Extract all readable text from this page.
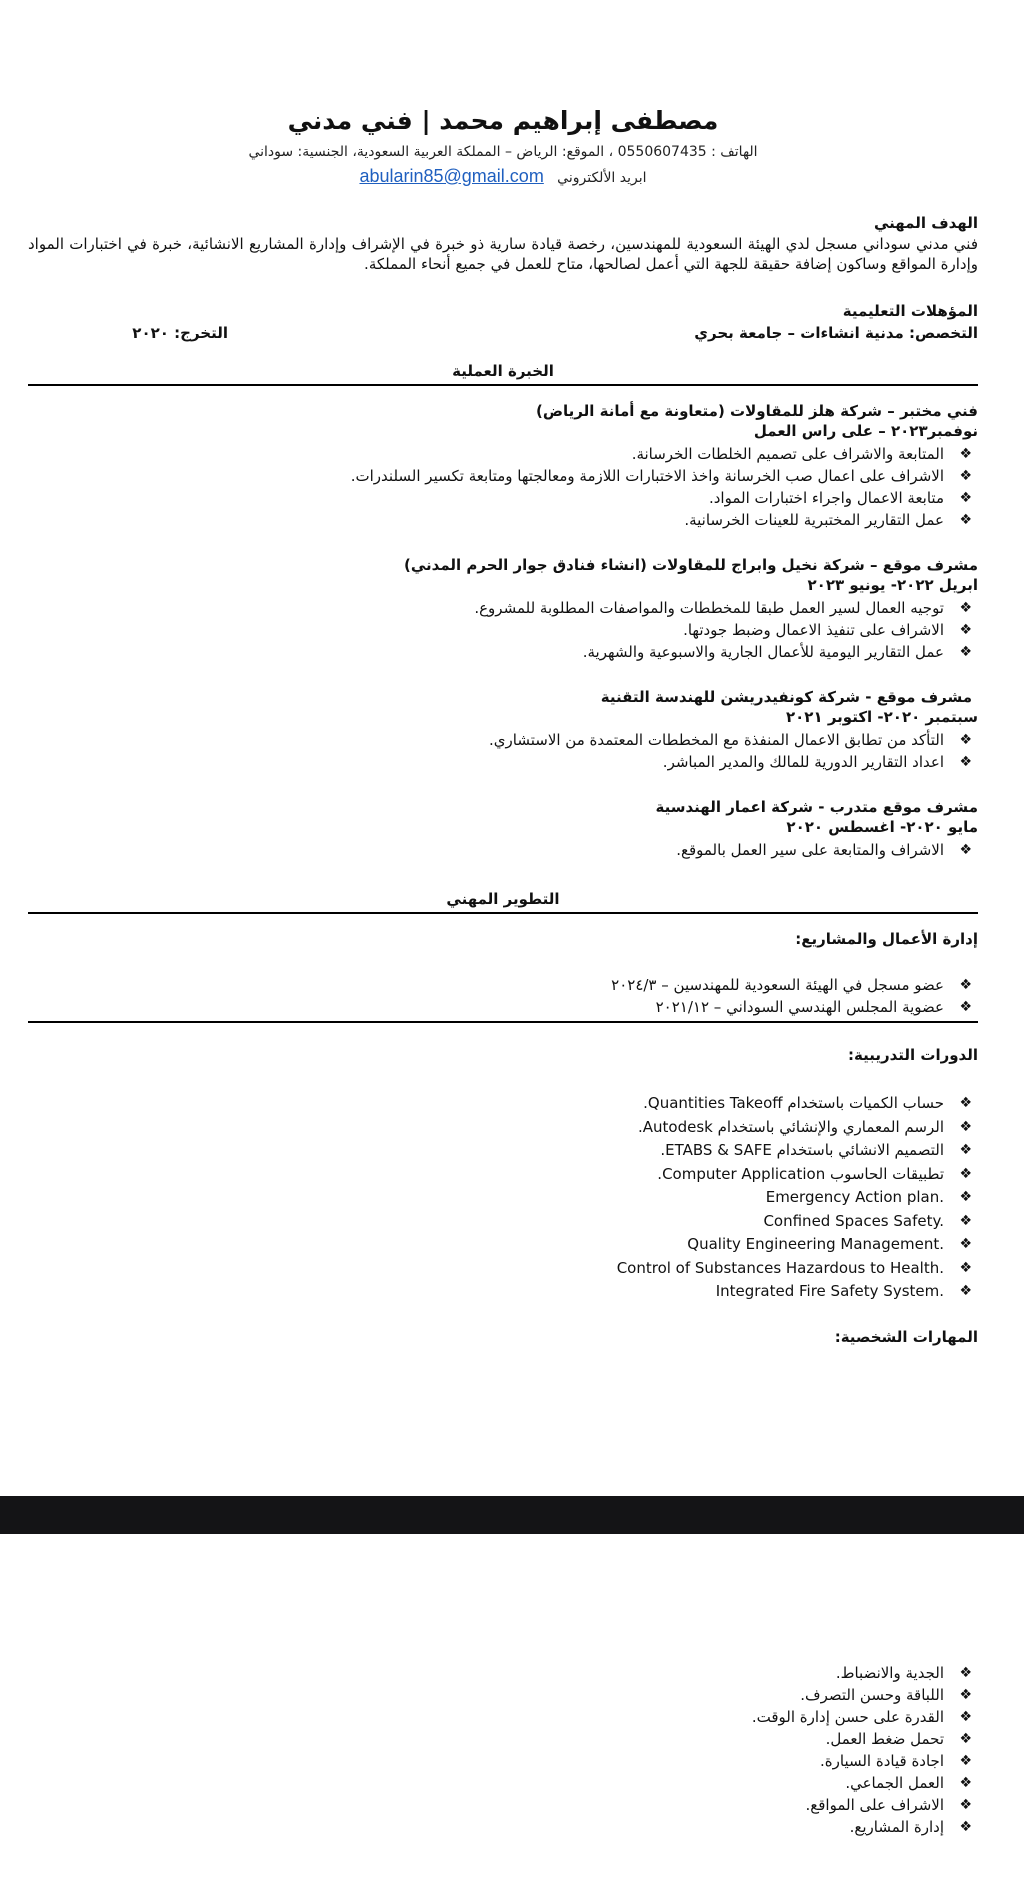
مصطفى إبراهيم محمد | فني مدني
الهاتف : 0550607435 ، الموقع: الرياض – المملكة العربية السعودية، الجنسية: سوداني
ابريد الألكتروني   abularin85@gmail.com
الهدف المهني
فني مدني سوداني مسجل لدي الهيئة السعودية للمهندسين، رخصة قيادة سارية ذو خبرة في الإشراف وإدارة المشاريع الانشائية، خبرة في اختبارات المواد وإدارة المواقع وساكون إضافة حقيقة للجهة التي أعمل لصالحها، متاح للعمل في جميع أنحاء المملكة.
المؤهلات التعليمية
التخصص: مدنية انشاءات – جامعة بحري
التخرج: ٢٠٢٠
الخبرة العملية
فني مختبر – شركة هلز للمقاولات (متعاونة مع أمانة الرياض)
نوفمبر٢٠٢٣ – على راس العمل
❖
المتابعة والاشراف على تصميم الخلطات الخرسانة.
❖
الاشراف على اعمال صب الخرسانة واخذ الاختبارات اللازمة ومعالجتها ومتابعة تكسير السلندرات.
❖
متابعة الاعمال واجراء اختبارات المواد.
❖
عمل التقارير المختبرية للعينات الخرسانية.
مشرف موقع – شركة نخيل وابراج للمقاولات (انشاء فنادق جوار الحرم المدني)
ابريل ٢٠٢٢- يونيو ٢٠٢٣
❖
توجيه العمال لسير العمل طبقا للمخططات والمواصفات المطلوبة للمشروع.
❖
الاشراف على تنفيذ الاعمال وضبط جودتها.
❖
عمل التقارير اليومية للأعمال الجارية والاسبوعية والشهرية.
مشرف موقع - شركة كونفيدريشن للهندسة التقنية
سبتمبر ٢٠٢٠- اكتوبر ٢٠٢١
❖
التأكد من تطابق الاعمال المنفذة مع المخططات المعتمدة من الاستشاري.
❖
اعداد التقارير الدورية للمالك والمدير المباشر.
مشرف موقع متدرب - شركة اعمار الهندسية
مايو ٢٠٢٠- اغسطس ٢٠٢٠
❖
الاشراف والمتابعة على سير العمل بالموقع.
التطوير المهني
إدارة الأعمال والمشاريع:
❖
عضو مسجل في الهيئة السعودية للمهندسين – ٢٠٢٤/٣
❖
عضوية المجلس الهندسي السوداني – ٢٠٢١/١٢
الدورات التدريبية:
❖
حساب الكميات باستخدام Quantities Takeoff.
❖
الرسم المعماري والإنشائي باستخدام Autodesk.
❖
التصميم الانشائي باستخدام ETABS & SAFE.
❖
تطبيقات الحاسوب Computer Application.
❖
Emergency Action plan.
❖
Confined Spaces Safety.
❖
Quality Engineering Management.
❖
Control of Substances Hazardous to Health.
❖
Integrated Fire Safety System.
المهارات الشخصية:
❖
الجدية والانضباط.
❖
اللباقة وحسن التصرف.
❖
القدرة على حسن إدارة الوقت.
❖
تحمل ضغط العمل.
❖
اجادة قيادة السيارة.
❖
العمل الجماعي.
❖
الاشراف على المواقع.
❖
إدارة المشاريع.
